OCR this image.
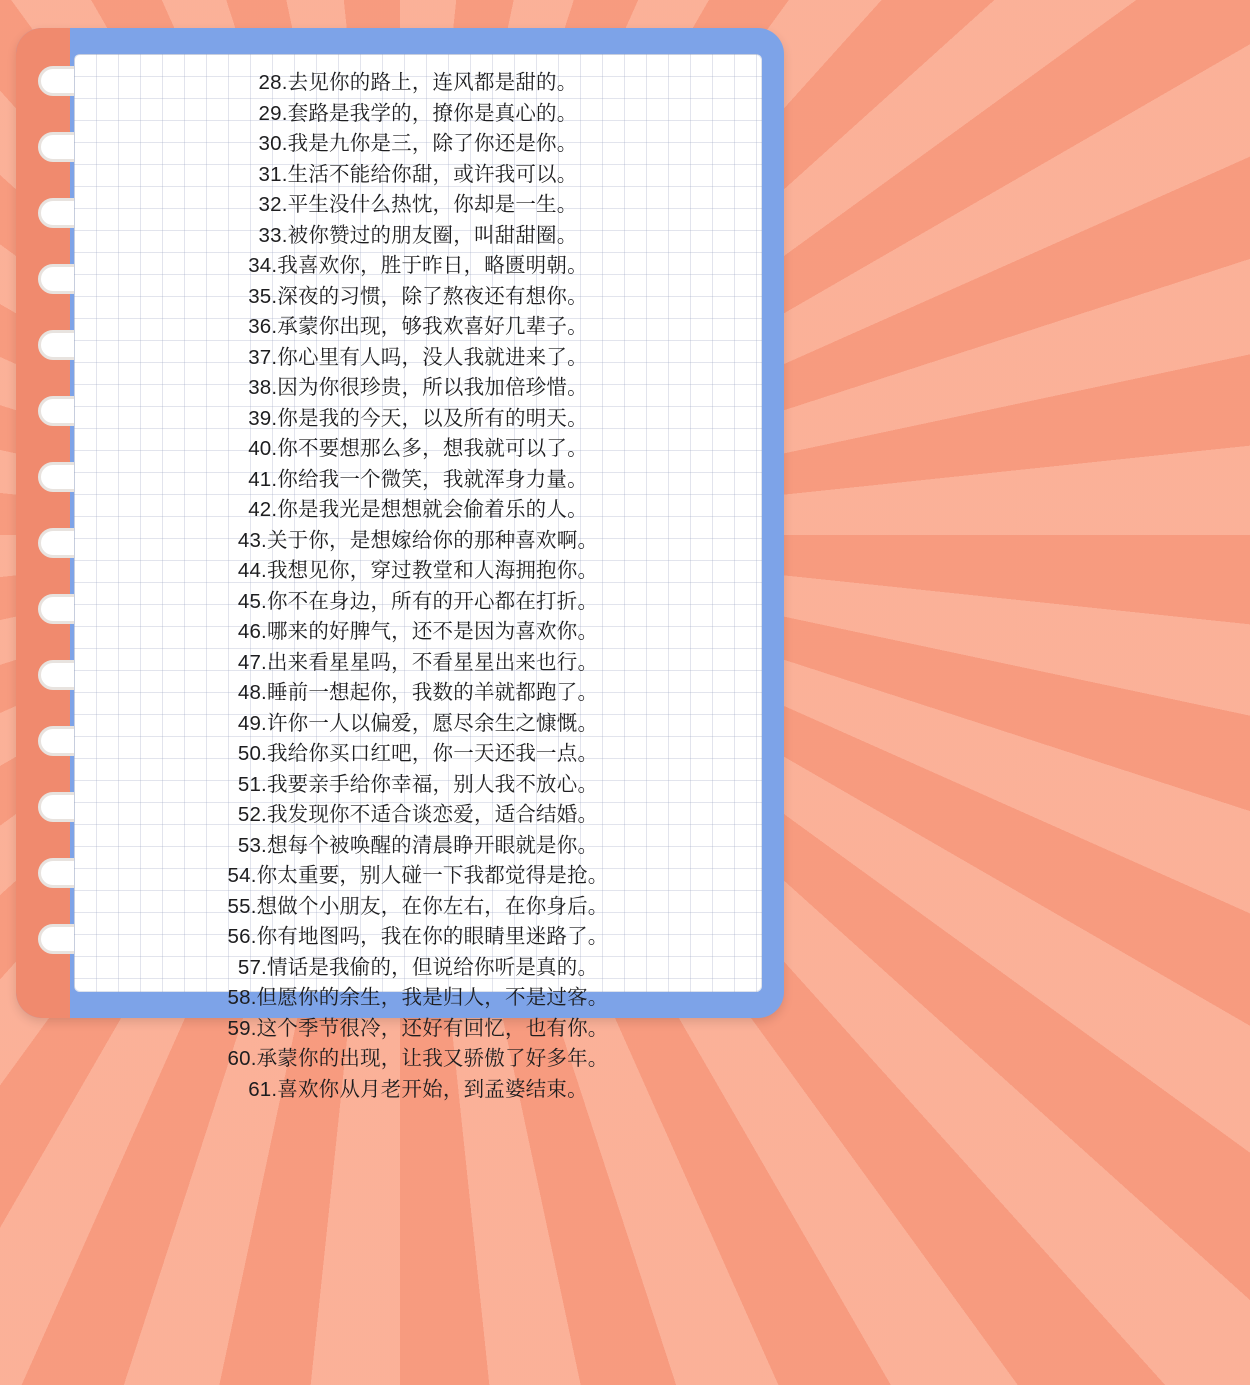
28.去见你的路上，连风都是甜的。
29.套路是我学的，撩你是真心的。
30.我是九你是三，除了你还是你。
31.生活不能给你甜，或许我可以。
32.平生没什么热忱，你却是一生。
33.被你赞过的朋友圈，叫甜甜圈。
34.我喜欢你，胜于昨日，略匮明朝。
35.深夜的习惯，除了熬夜还有想你。
36.承蒙你出现，够我欢喜好几辈子。
37.你心里有人吗，没人我就进来了。
38.因为你很珍贵，所以我加倍珍惜。
39.你是我的今天，以及所有的明天。
40.你不要想那么多，想我就可以了。
41.你给我一个微笑，我就浑身力量。
42.你是我光是想想就会偷着乐的人。
43.关于你，是想嫁给你的那种喜欢啊。
44.我想见你，穿过教堂和人海拥抱你。
45.你不在身边，所有的开心都在打折。
46.哪来的好脾气，还不是因为喜欢你。
47.出来看星星吗，不看星星出来也行。
48.睡前一想起你，我数的羊就都跑了。
49.许你一人以偏爱，愿尽余生之慷慨。
50.我给你买口红吧，你一天还我一点。
51.我要亲手给你幸福，别人我不放心。
52.我发现你不适合谈恋爱，适合结婚。
53.想每个被唤醒的清晨睁开眼就是你。
54.你太重要，别人碰一下我都觉得是抢。
55.想做个小朋友，在你左右，在你身后。
56.你有地图吗，我在你的眼睛里迷路了。
57.情话是我偷的，但说给你听是真的。
58.但愿你的余生，我是归人，不是过客。
59.这个季节很冷，还好有回忆，也有你。
60.承蒙你的出现，让我又骄傲了好多年。
61.喜欢你从月老开始，到孟婆结束。
